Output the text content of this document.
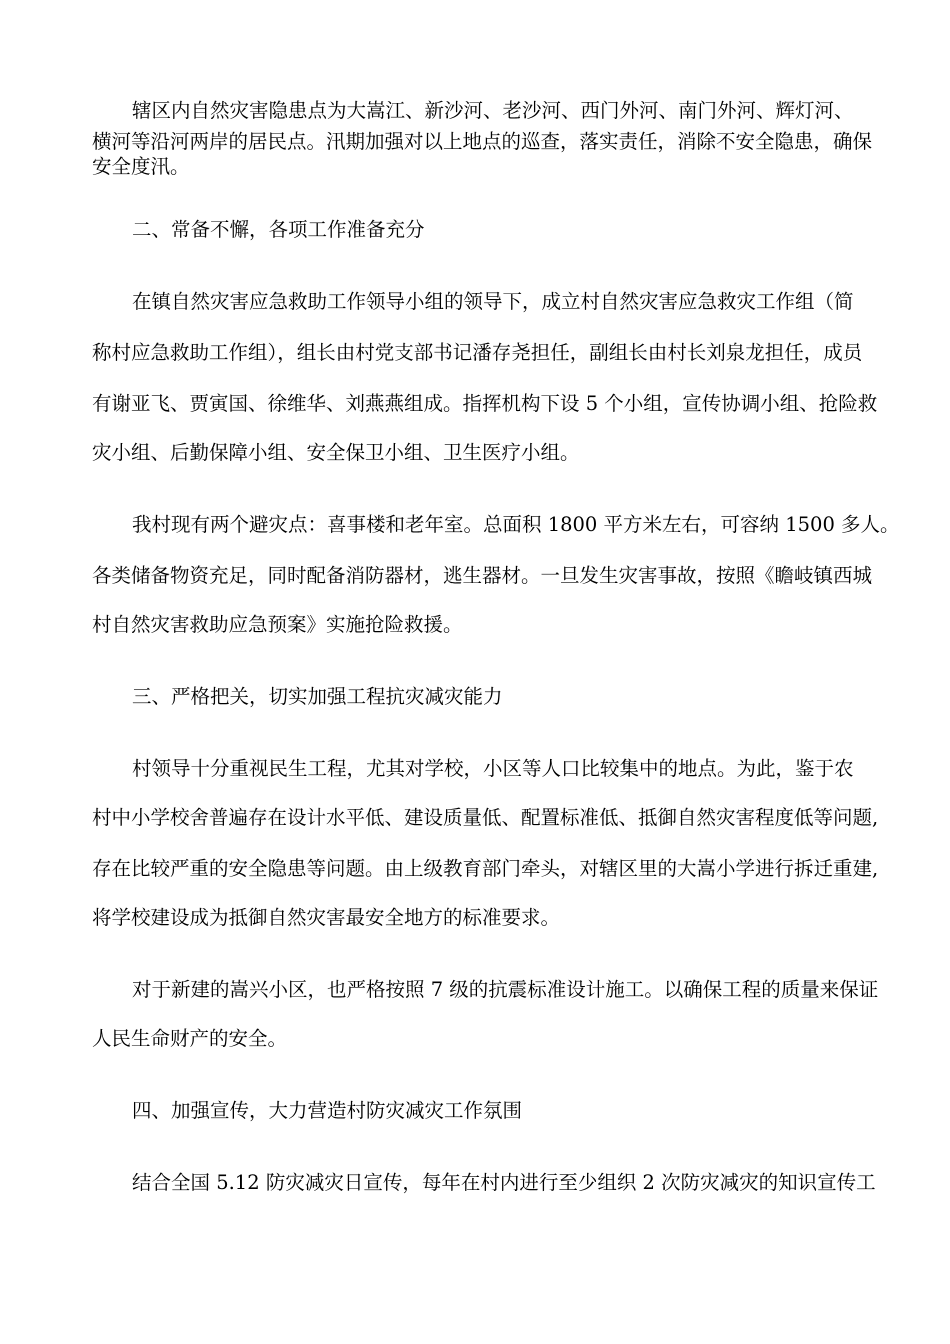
辖区内自然灾害隐患点为大嵩江、新沙河、老沙河、西门外河、南门外河、辉灯河、
横河等沿河两岸的居民点。汛期加强对以上地点的巡查，落实责任，消除不安全隐患，确保
安全度汛。
二、常备不懈，各项工作准备充分
在镇自然灾害应急救助工作领导小组的领导下，成立村自然灾害应急救灾工作组（简
称村应急救助工作组），组长由村党支部书记潘存尧担任，副组长由村长刘泉龙担任，成员
有谢亚飞、贾寅国、徐维华、刘燕燕组成。指挥机构下设 5 个小组，宣传协调小组、抢险救
灾小组、后勤保障小组、安全保卫小组、卫生医疗小组。
我村现有两个避灾点：喜事楼和老年室。总面积 1800 平方米左右，可容纳 1500 多人。
各类储备物资充足，同时配备消防器材，逃生器材。一旦发生灾害事故，按照《瞻岐镇西城
村自然灾害救助应急预案》实施抢险救援。
三、严格把关，切实加强工程抗灾减灾能力
村领导十分重视民生工程，尤其对学校，小区等人口比较集中的地点。为此，鉴于农
村中小学校舍普遍存在设计水平低、建设质量低、配置标准低、抵御自然灾害程度低等问题,
存在比较严重的安全隐患等问题。由上级教育部门牵头，对辖区里的大嵩小学进行拆迁重建,
将学校建设成为抵御自然灾害最安全地方的标准要求。
对于新建的嵩兴小区，也严格按照 7 级的抗震标准设计施工。以确保工程的质量来保证
人民生命财产的安全。
四、加强宣传，大力营造村防灾减灾工作氛围
结合全国 5.12 防灾减灾日宣传，每年在村内进行至少组织 2 次防灾减灾的知识宣传工
